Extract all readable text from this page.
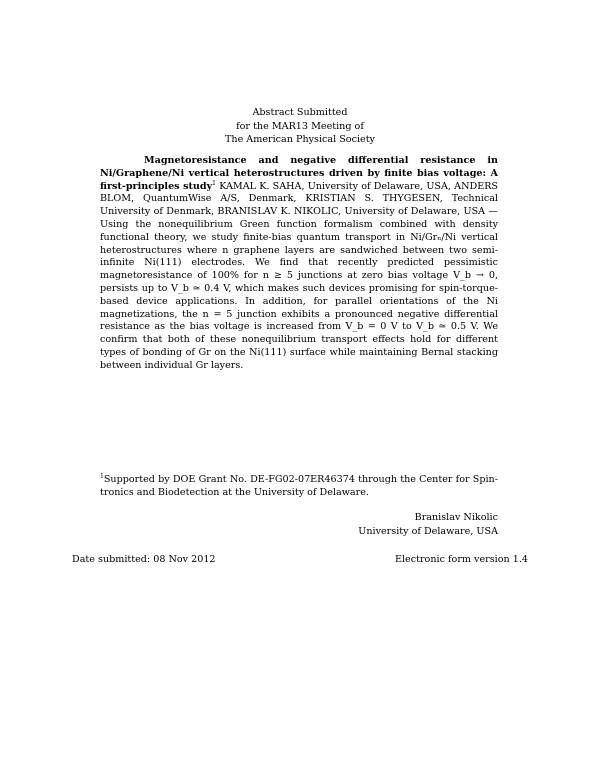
Abstract Submitted
for the MAR13 Meeting of
The American Physical Society
Magnetoresistance and negative differential resistance in Ni/Graphene/Ni vertical heterostructures driven by finite bias voltage: A first-principles study$^1$ KAMAL K. SAHA, University of Delaware, USA, ANDERS BLOM, QuantumWise A/S, Denmark, KRISTIAN S. THYGESEN, Technical University of Denmark, BRANISLAV K. NIKOLIC, University of Delaware, USA — Using the nonequilibrium Green function formalism combined with density functional theory, we study finite-bias quantum transport in Ni/Grₙ/Ni vertical heterostructures where n graphene layers are sandwiched between two semi-infinite Ni(111) electrodes. We find that recently predicted pessimistic magnetoresistance of 100% for n ≥ 5 junctions at zero bias voltage V_b → 0, persists up to V_b ≃ 0.4 V, which makes such devices promising for spin-torque-based device applications. In addition, for parallel orientations of the Ni magnetizations, the n = 5 junction exhibits a pronounced negative differential resistance as the bias voltage is increased from V_b = 0 V to V_b ≃ 0.5 V. We confirm that both of these nonequilibrium transport effects hold for different types of bonding of Gr on the Ni(111) surface while maintaining Bernal stacking between individual Gr layers.
$^1$Supported by DOE Grant No. DE-FG02-07ER46374 through the Center for Spintronics and Biodetection at the University of Delaware.
Branislav Nikolic
University of Delaware, USA
Date submitted: 08 Nov 2012	Electronic form version 1.4
